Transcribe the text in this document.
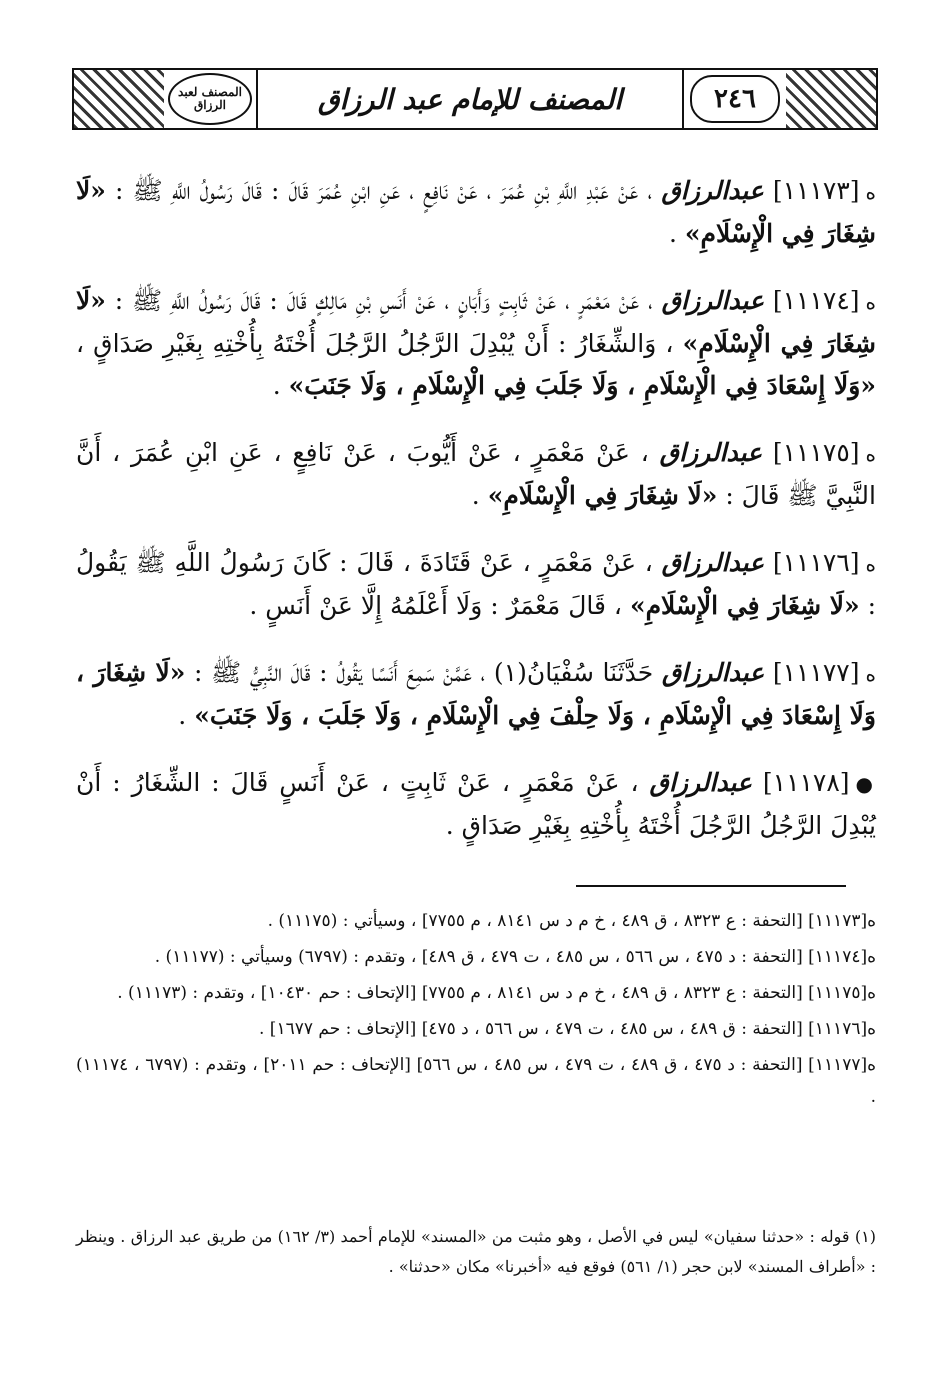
المصنف لعبد الرزاق	المصنف للإمام عبد الرزاق	٢٤٦

ه[١١١٧٣] عبدالرزاق ، عَنْ عَبْدِ اللَّهِ بْنِ عُمَرَ ، عَنْ نَافِعٍ ، عَنِ ابْنِ عُمَرَ قَالَ : قَالَ رَسُولُ اللَّهِ ﷺ : «لَا شِغَارَ فِي الْإِسْلَامِ» .

ه[١١١٧٤] عبدالرزاق ، عَنْ مَعْمَرٍ ، عَنْ ثَابِتٍ وَأَبَانٍ ، عَنْ أَنَسِ بْنِ مَالِكٍ قَالَ : قَالَ رَسُولُ اللَّهِ ﷺ : «لَا شِغَارَ فِي الْإِسْلَامِ» ، وَالشِّغَارُ : أَنْ يُبْدِلَ الرَّجُلُ الرَّجُلَ أُخْتَهُ بِأُخْتِهِ بِغَيْرِ صَدَاقٍ ، «وَلَا إِسْعَادَ فِي الْإِسْلَامِ ، وَلَا جَلَبَ فِي الْإِسْلَامِ ، وَلَا جَنَبَ» .

ه[١١١٧٥] عبدالرزاق ، عَنْ مَعْمَرٍ ، عَنْ أَيُّوبَ ، عَنْ نَافِعٍ ، عَنِ ابْنِ عُمَرَ ، أَنَّ النَّبِيَّ ﷺ قَالَ : «لَا شِغَارَ فِي الْإِسْلَامِ» .

ه[١١١٧٦] عبدالرزاق ، عَنْ مَعْمَرٍ ، عَنْ قَتَادَةَ ، قَالَ : كَانَ رَسُولُ اللَّهِ ﷺ يَقُولُ : «لَا شِغَارَ فِي الْإِسْلَامِ» ، قَالَ مَعْمَرٌ : وَلَا أَعْلَمُهُ إِلَّا عَنْ أَنَسٍ .

ه[١١١٧٧] عبدالرزاق حَدَّثَنَا سُفْيَانُ(١) ، عَمَّنْ سَمِعَ أَنَسًا يَقُولُ : قَالَ النَّبِيُّ ﷺ : «لَا شِغَارَ ، وَلَا إِسْعَادَ فِي الْإِسْلَامِ ، وَلَا حِلْفَ فِي الْإِسْلَامِ ، وَلَا جَلَبَ ، وَلَا جَنَبَ» .

●[١١١٧٨] عبدالرزاق ، عَنْ مَعْمَرٍ ، عَنْ ثَابِتٍ ، عَنْ أَنَسٍ قَالَ : الشِّغَارُ : أَنْ يُبْدِلَ الرَّجُلُ الرَّجُلَ أُخْتَهُ بِأُخْتِهِ بِغَيْرِ صَدَاقٍ .

ه[١١١٧٣] [التحفة : ع ٨٣٢٣ ، ق ٤٨٩ ، خ م د س ٨١٤١ ، م ٧٧٥٥] ، وسيأتي : (١١١٧٥) .
ه[١١١٧٤] [التحفة : د ٤٧٥ ، س ٥٦٦ ، س ٤٨٥ ، ت ٤٧٩ ، ق ٤٨٩] ، وتقدم : (٦٧٩٧) وسيأتي : (١١١٧٧) .
ه[١١١٧٥] [التحفة : ع ٨٣٢٣ ، ق ٤٨٩ ، خ م د س ٨١٤١ ، م ٧٧٥٥] [الإتحاف : حم ١٠٤٣٠] ، وتقدم : (١١١٧٣) .
ه[١١١٧٦] [التحفة : ق ٤٨٩ ، س ٤٨٥ ، ت ٤٧٩ ، س ٥٦٦ ، د ٤٧٥] [الإتحاف : حم ١٦٧٧] .
ه[١١١٧٧] [التحفة : د ٤٧٥ ، ق ٤٨٩ ، ت ٤٧٩ ، س ٤٨٥ ، س ٥٦٦] [الإتحاف : حم ٢٠١١] ، وتقدم : (٦٧٩٧ ، ١١١٧٤) .
(١) قوله : «حدثنا سفيان» ليس في الأصل ، وهو مثبت من «المسند» للإمام أحمد (٣/ ١٦٢) من طريق عبد الرزاق . وينظر : «أطراف المسند» لابن حجر (١/ ٥٦١) فوقع فيه «أخبرنا» مكان «حدثنا» .
